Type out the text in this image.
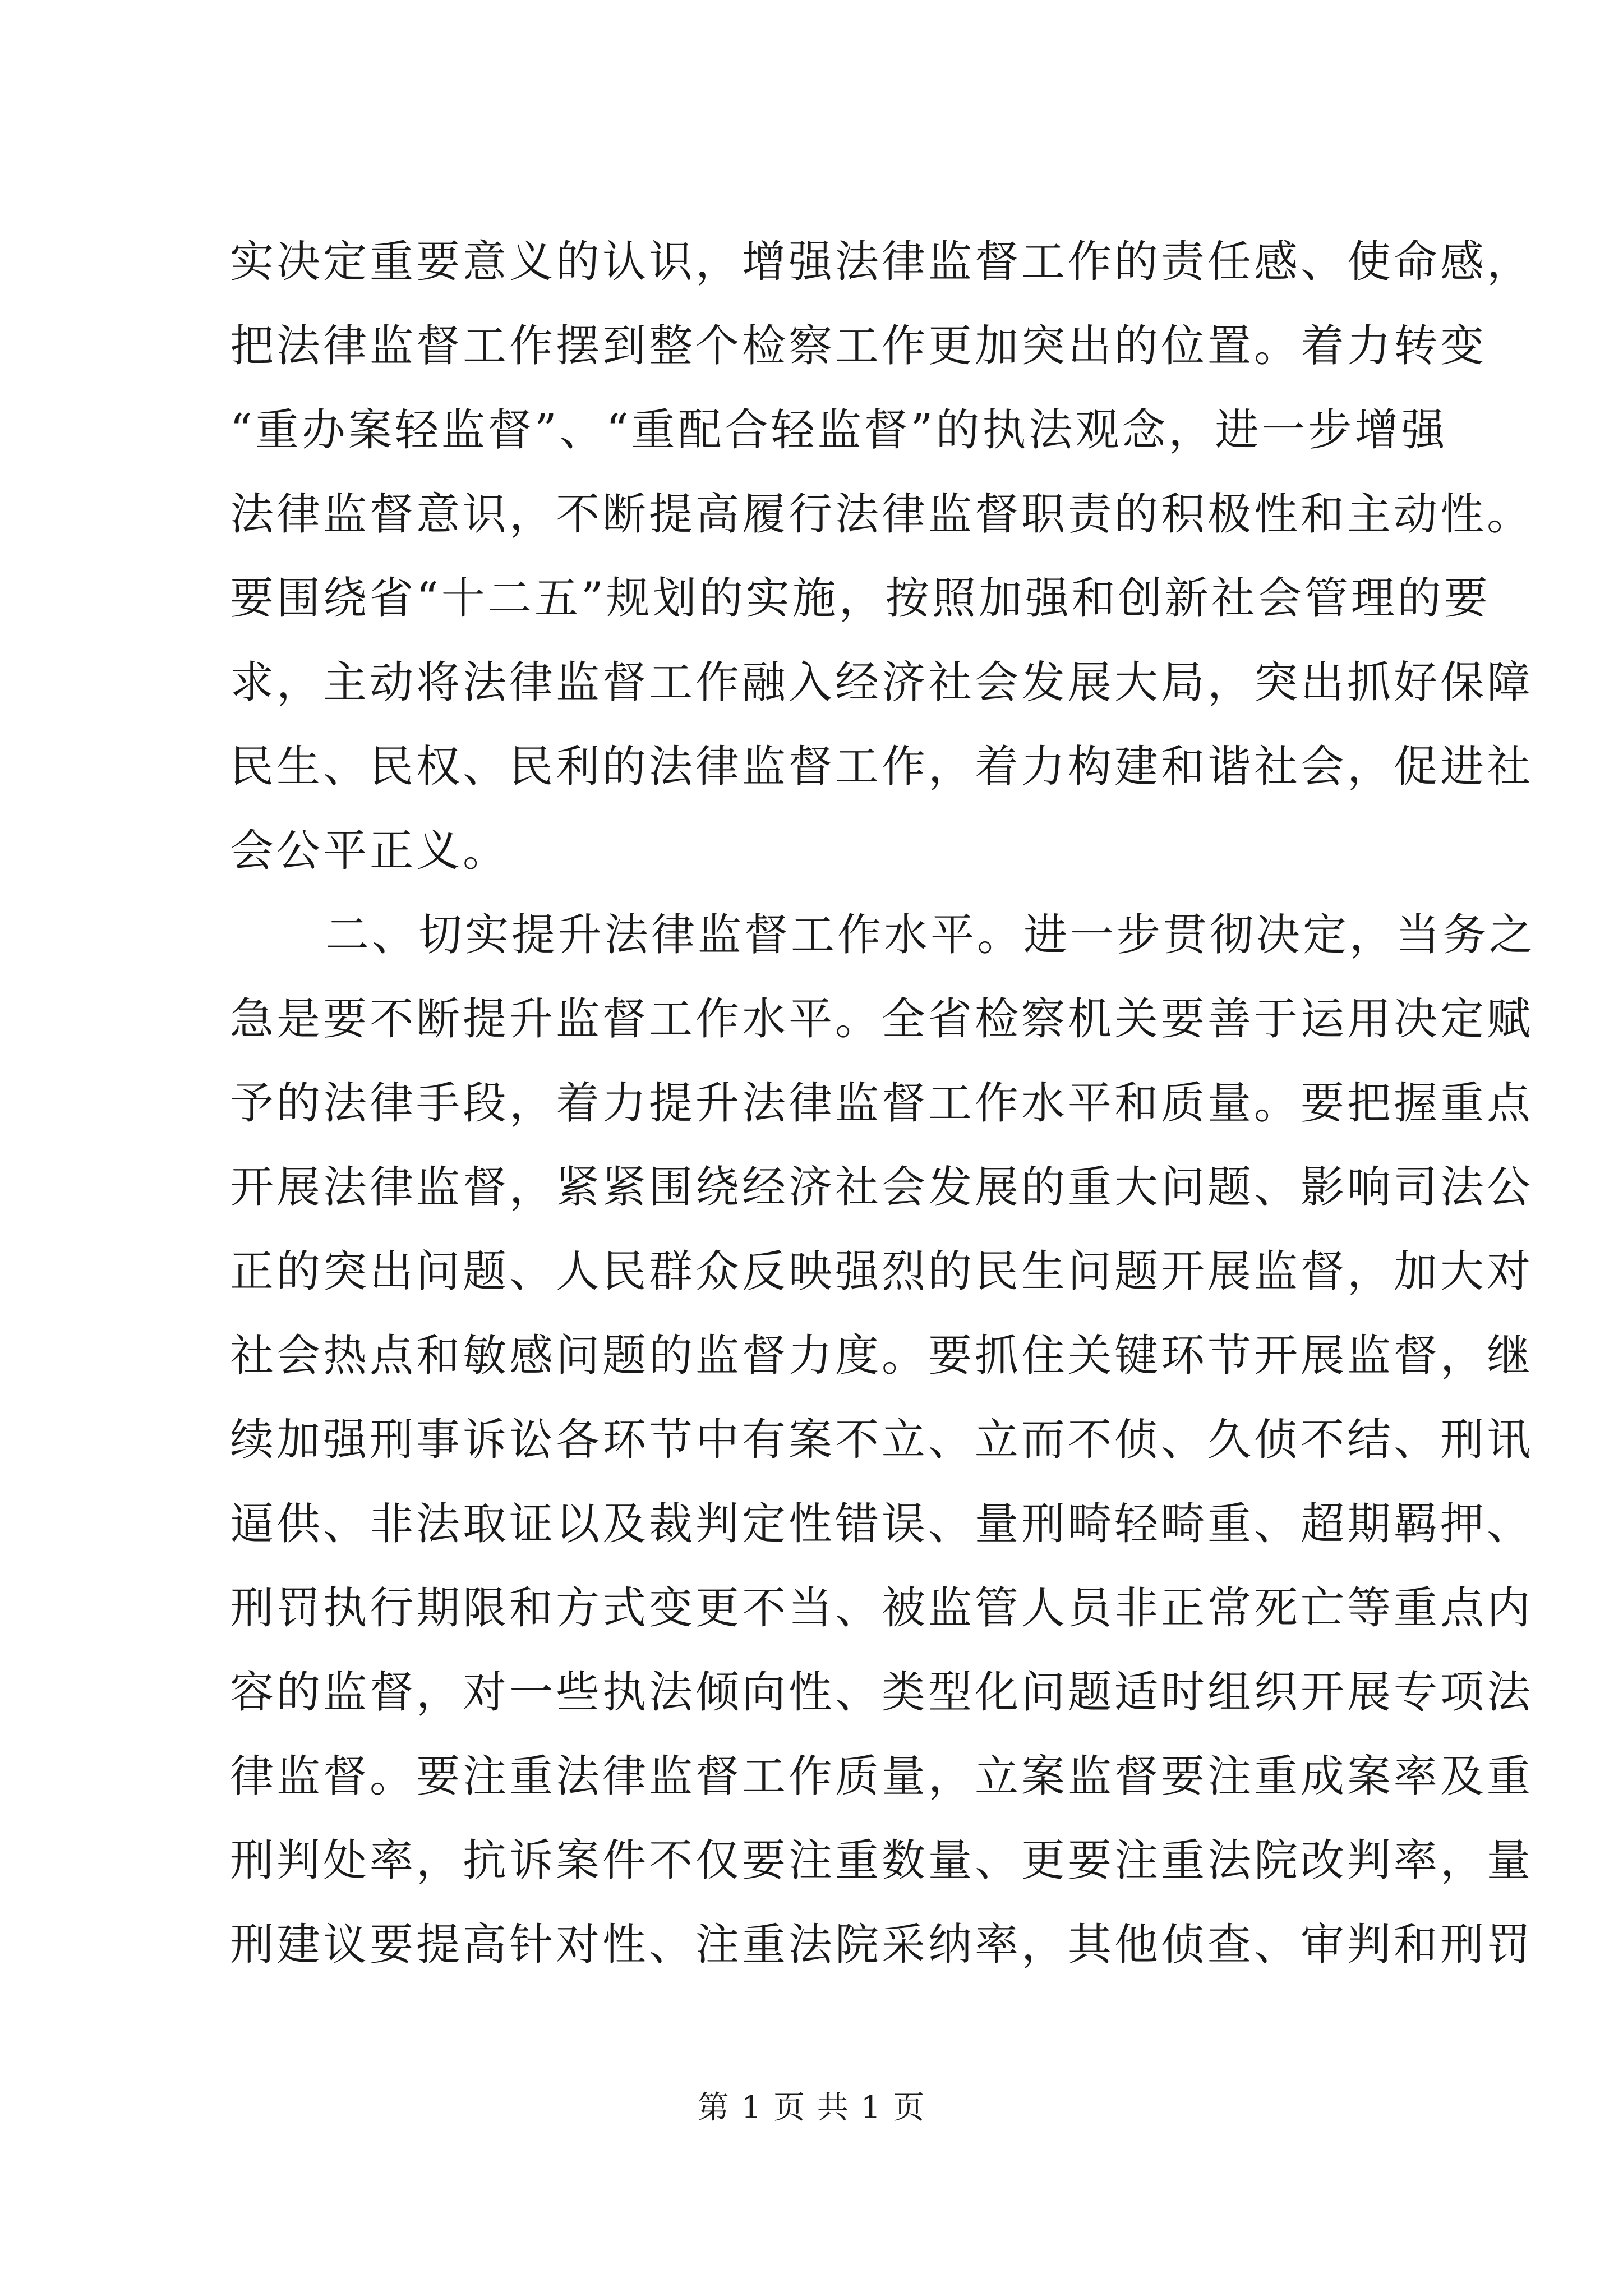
实决定重要意义的认识，增强法律监督工作的责任感、使命感，
把法律监督工作摆到整个检察工作更加突出的位置。着力转变
“重办案轻监督”、“重配合轻监督”的执法观念，进一步增强
法律监督意识，不断提高履行法律监督职责的积极性和主动性。
要围绕省“十二五”规划的实施，按照加强和创新社会管理的要
求，主动将法律监督工作融入经济社会发展大局，突出抓好保障
民生、民权、民利的法律监督工作，着力构建和谐社会，促进社
会公平正义。
二、切实提升法律监督工作水平。进一步贯彻决定，当务之
急是要不断提升监督工作水平。全省检察机关要善于运用决定赋
予的法律手段，着力提升法律监督工作水平和质量。要把握重点
开展法律监督，紧紧围绕经济社会发展的重大问题、影响司法公
正的突出问题、人民群众反映强烈的民生问题开展监督，加大对
社会热点和敏感问题的监督力度。要抓住关键环节开展监督，继
续加强刑事诉讼各环节中有案不立、立而不侦、久侦不结、刑讯
逼供、非法取证以及裁判定性错误、量刑畸轻畸重、超期羁押、
刑罚执行期限和方式变更不当、被监管人员非正常死亡等重点内
容的监督，对一些执法倾向性、类型化问题适时组织开展专项法
律监督。要注重法律监督工作质量，立案监督要注重成案率及重
刑判处率，抗诉案件不仅要注重数量、更要注重法院改判率，量
刑建议要提高针对性、注重法院采纳率，其他侦查、审判和刑罚
第 1 页 共 1 页
